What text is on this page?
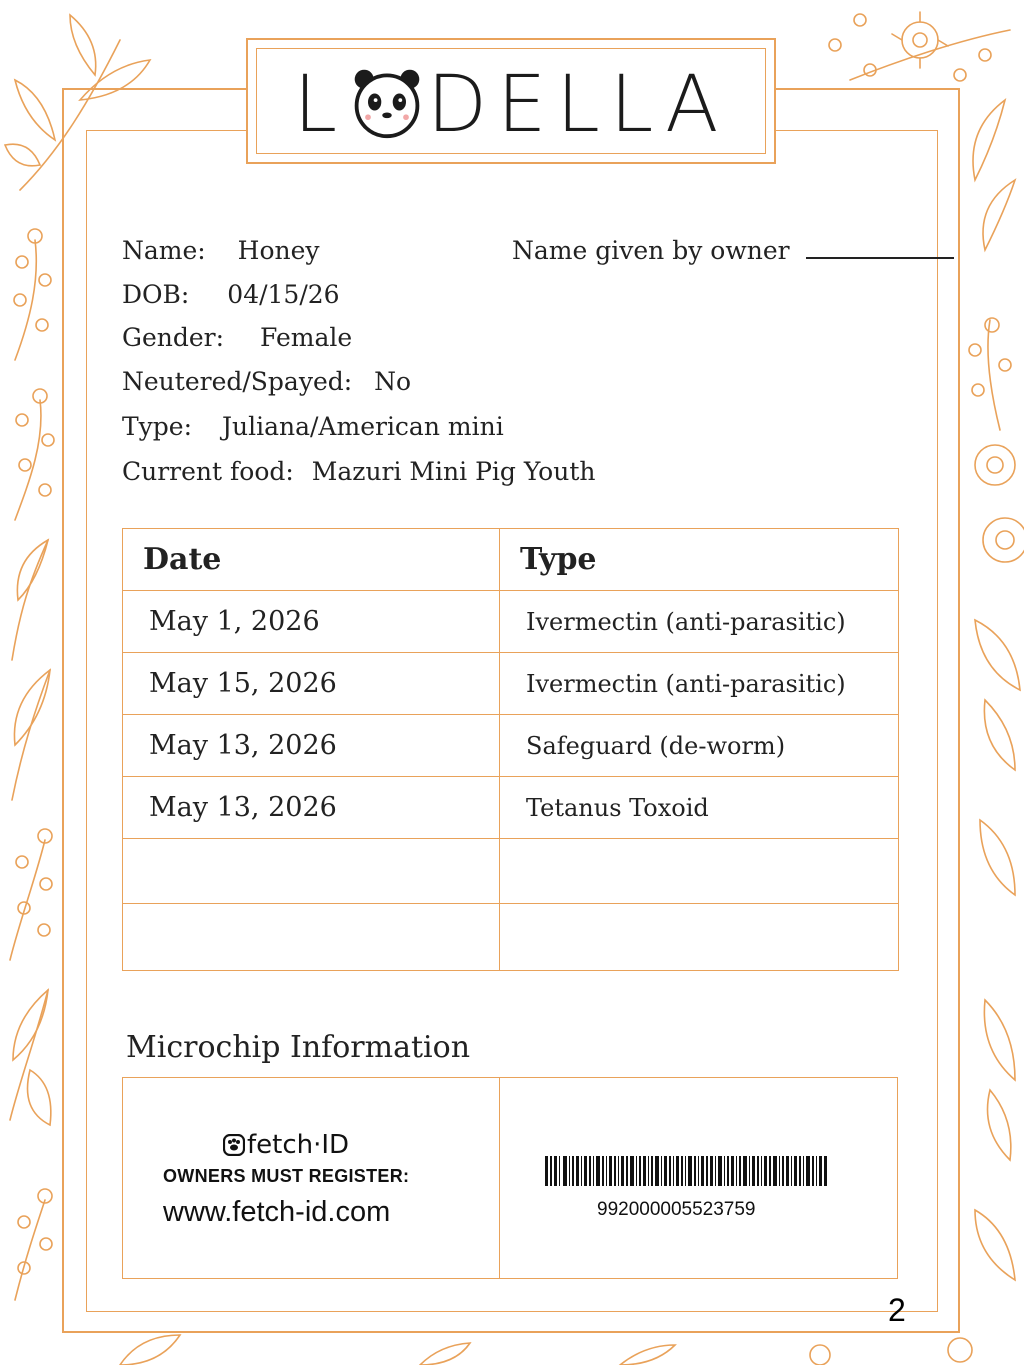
L DELLA
Name: Honey	Name given by owner
DOB: 04/15/26
Gender: Female
Neutered/Spayed: No
Type: Juliana/American mini
Current food: Mazuri Mini Pig Youth
Date	Type
May 1, 2026	Ivermectin (anti-parasitic)
May 15, 2026	Ivermectin (anti-parasitic)
May 13, 2026	Safeguard (de-worm)
May 13, 2026	Tetanus Toxoid

Microchip Information
fetch·ID
OWNERS MUST REGISTER:
www.fetch-id.com	992000005523759
2
